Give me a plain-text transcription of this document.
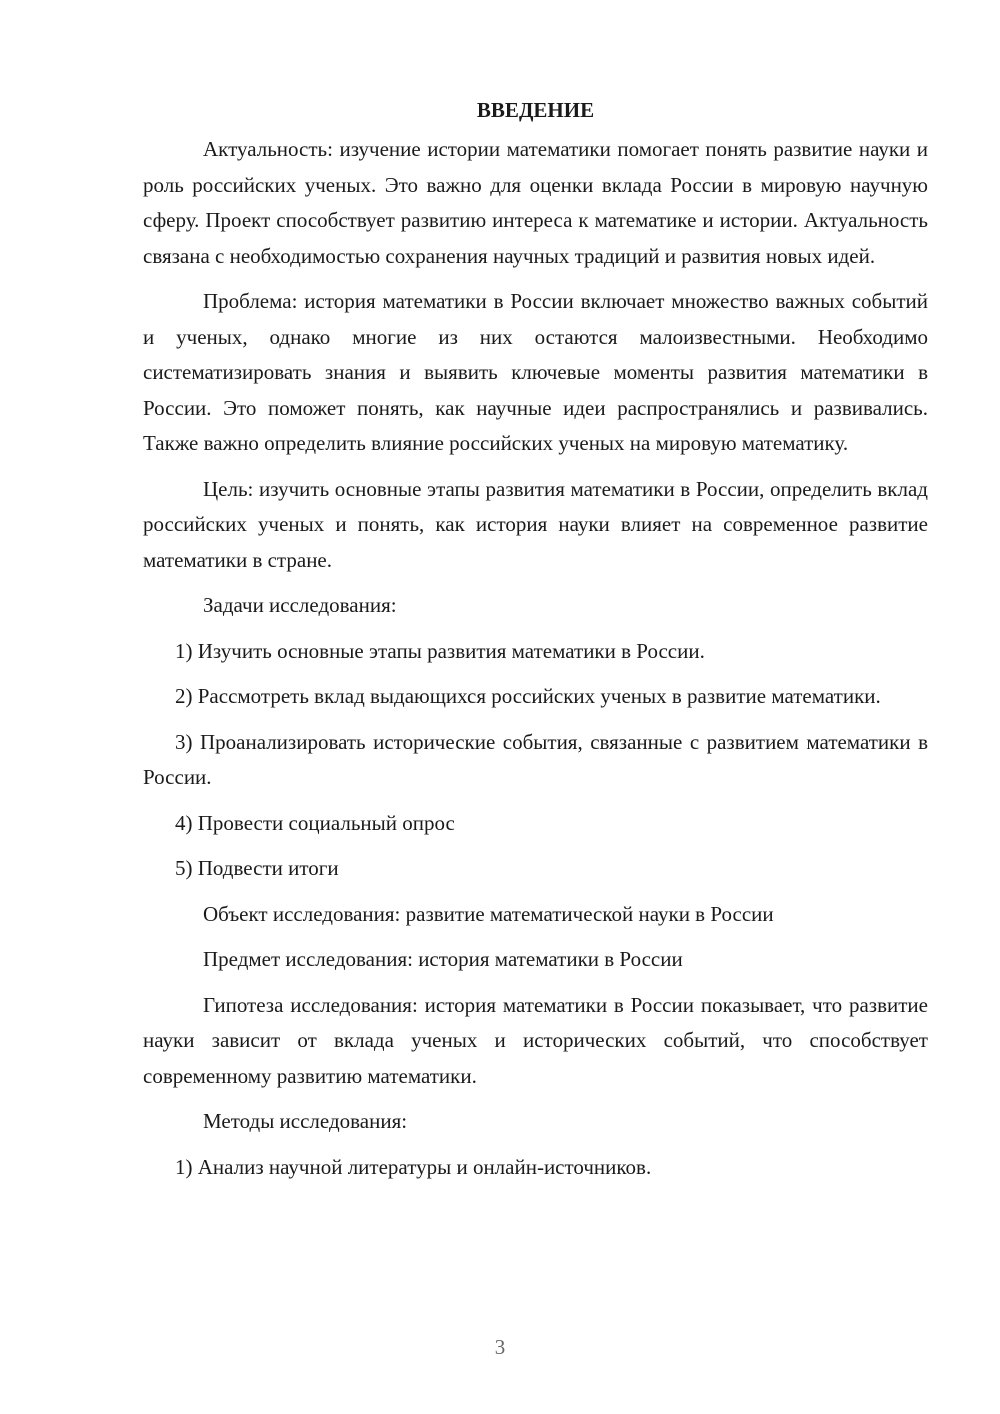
ВВЕДЕНИЕ

Актуальность: изучение истории математики помогает понять развитие науки и роль российских ученых. Это важно для оценки вклада России в мировую научную сферу. Проект способствует развитию интереса к математике и истории. Актуальность связана с необходимостью сохранения научных традиций и развития новых идей.

Проблема: история математики в России включает множество важных событий и ученых, однако многие из них остаются малоизвестными. Необходимо систематизировать знания и выявить ключевые моменты развития математики в России. Это поможет понять, как научные идеи распространялись и развивались. Также важно определить влияние российских ученых на мировую математику.

Цель: изучить основные этапы развития математики в России, определить вклад российских ученых и понять, как история науки влияет на современное развитие математики в стране.

Задачи исследования:

1) Изучить основные этапы развития математики в России.

2) Рассмотреть вклад выдающихся российских ученых в развитие математики.

3) Проанализировать исторические события, связанные с развитием математики в России.

4) Провести социальный опрос

5) Подвести итоги

Объект исследования: развитие математической науки в России

Предмет исследования: история математики в России

Гипотеза исследования: история математики в России показывает, что развитие науки зависит от вклада ученых и исторических событий, что способствует современному развитию математики.

Методы исследования:

1) Анализ научной литературы и онлайн-источников.

3
